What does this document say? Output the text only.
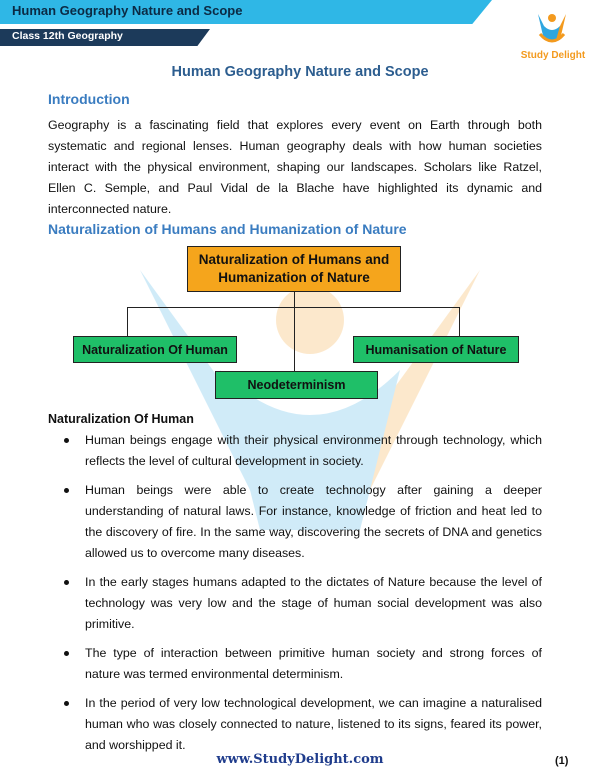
Human Geography Nature and Scope
Class 12th Geography
Study Delight
Human Geography Nature and Scope
Introduction
Geography is a fascinating field that explores every event on Earth through both systematic and regional lenses. Human geography deals with how human societies interact with the physical environment, shaping our landscapes. Scholars like Ratzel, Ellen C. Semple, and Paul Vidal de la Blache have highlighted its dynamic and interconnected nature.
Naturalization of Humans and Humanization of Nature
Naturalization of Humans and Humanization of Nature
Naturalization Of Human	Humanisation of Nature
Neodeterminism
Naturalization Of Human
Human beings engage with their physical environment through technology, which reflects the level of cultural development in society.
Human beings were able to create technology after gaining a deeper understanding of natural laws. For instance, knowledge of friction and heat led to the discovery of fire. In the same way, discovering the secrets of DNA and genetics allowed us to overcome many diseases.
In the early stages humans adapted to the dictates of Nature because the level of technology was very low and the stage of human social development was also primitive.
The type of interaction between primitive human society and strong forces of nature was termed environmental determinism.
In the period of very low technological development, we can imagine a naturalised human who was closely connected to nature, listened to its signs, feared its power, and worshipped it.
www.StudyDelight.com	(1)
